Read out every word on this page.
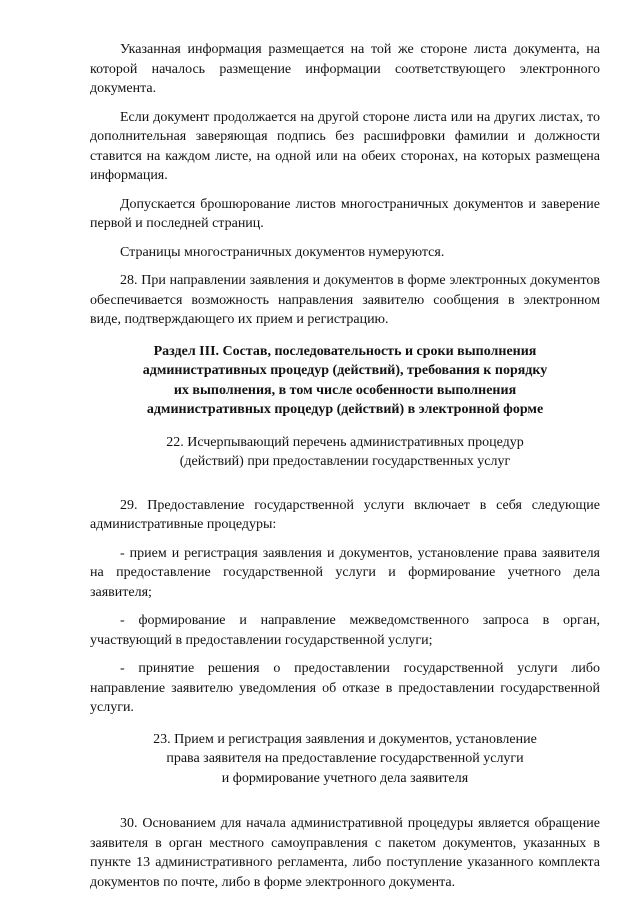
Указанная информация размещается на той же стороне листа документа, на которой началось размещение информации соответствующего электронного документа.

Если документ продолжается на другой стороне листа или на других листах, то дополнительная заверяющая подпись без расшифровки фамилии и должности ставится на каждом листе, на одной или на обеих сторонах, на которых размещена информация.

Допускается брошюрование листов многостраничных документов и заверение первой и последней страниц.

Страницы многостраничных документов нумеруются.

28. При направлении заявления и документов в форме электронных документов обеспечивается возможность направления заявителю сообщения в электронном виде, подтверждающего их прием и регистрацию.

Раздел III. Состав, последовательность и сроки выполнения
административных процедур (действий), требования к порядку
их выполнения, в том числе особенности выполнения
административных процедур (действий) в электронной форме
22. Исчерпывающий перечень административных процедур
(действий) при предоставлении государственных услуг

29. Предоставление государственной услуги включает в себя следующие административные процедуры:

- прием и регистрация заявления и документов, установление права заявителя на предоставление государственной услуги и формирование учетного дела заявителя;

- формирование и направление межведомственного запроса в орган, участвующий в предоставлении государственной услуги;

- принятие решения о предоставлении государственной услуги либо направление заявителю уведомления об отказе в предоставлении государственной услуги.

23. Прием и регистрация заявления и документов, установление
права заявителя на предоставление государственной услуги
и формирование учетного дела заявителя

30. Основанием для начала административной процедуры является обращение заявителя в орган местного самоуправления с пакетом документов, указанных в пункте 13 административного регламента, либо поступление указанного комплекта документов по почте, либо в форме электронного документа.
